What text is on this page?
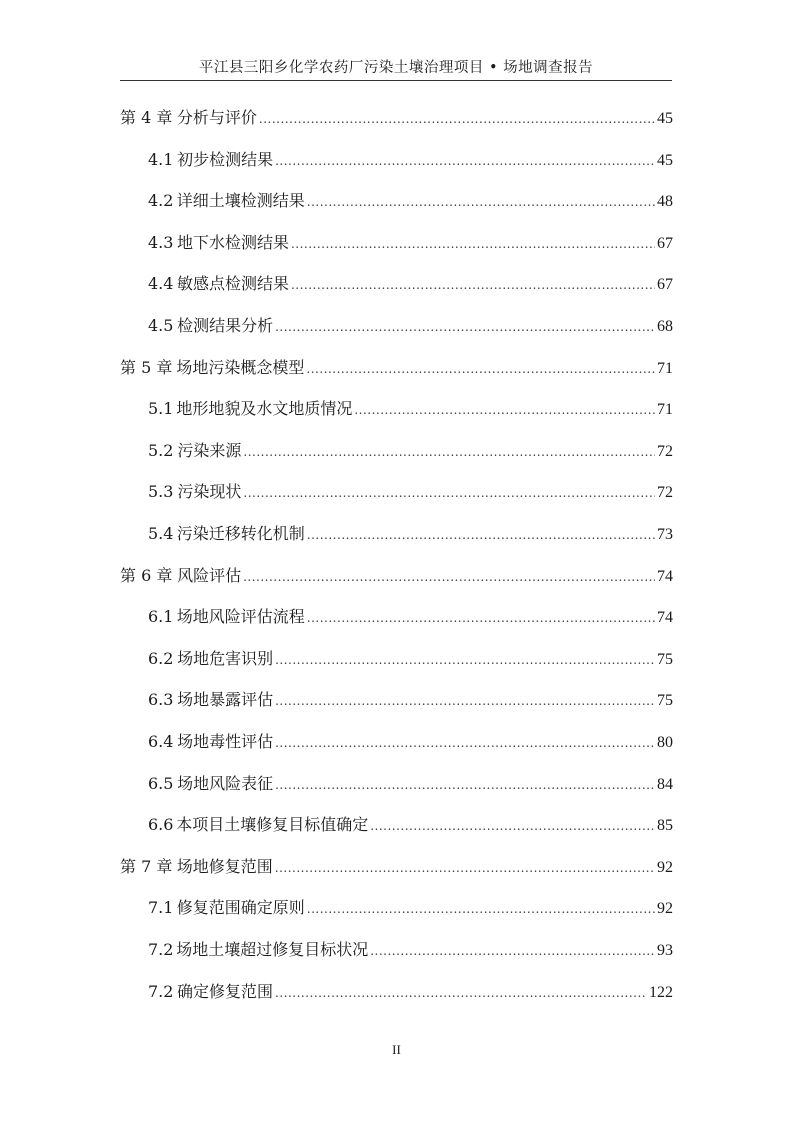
平江县三阳乡化学农药厂污染土壤治理项目 • 场地调查报告
第 4 章 分析与评价 .....	45
4.1 初步检测结果 .....	45
4.2 详细土壤检测结果 .....	48
4.3 地下水检测结果 .....	67
4.4 敏感点检测结果 .....	67
4.5 检测结果分析 .....	68
第 5 章 场地污染概念模型 .....	71
5.1 地形地貌及水文地质情况 .....	71
5.2 污染来源 .....	72
5.3 污染现状 .....	72
5.4 污染迁移转化机制 .....	73
第 6 章 风险评估 .....	74
6.1 场地风险评估流程 .....	74
6.2 场地危害识别 .....	75
6.3 场地暴露评估 .....	75
6.4 场地毒性评估 .....	80
6.5 场地风险表征 .....	84
6.6 本项目土壤修复目标值确定 .....	85
第 7 章 场地修复范围 .....	92
7.1 修复范围确定原则 .....	92
7.2 场地土壤超过修复目标状况 .....	93
7.2 确定修复范围 .....	122
II
